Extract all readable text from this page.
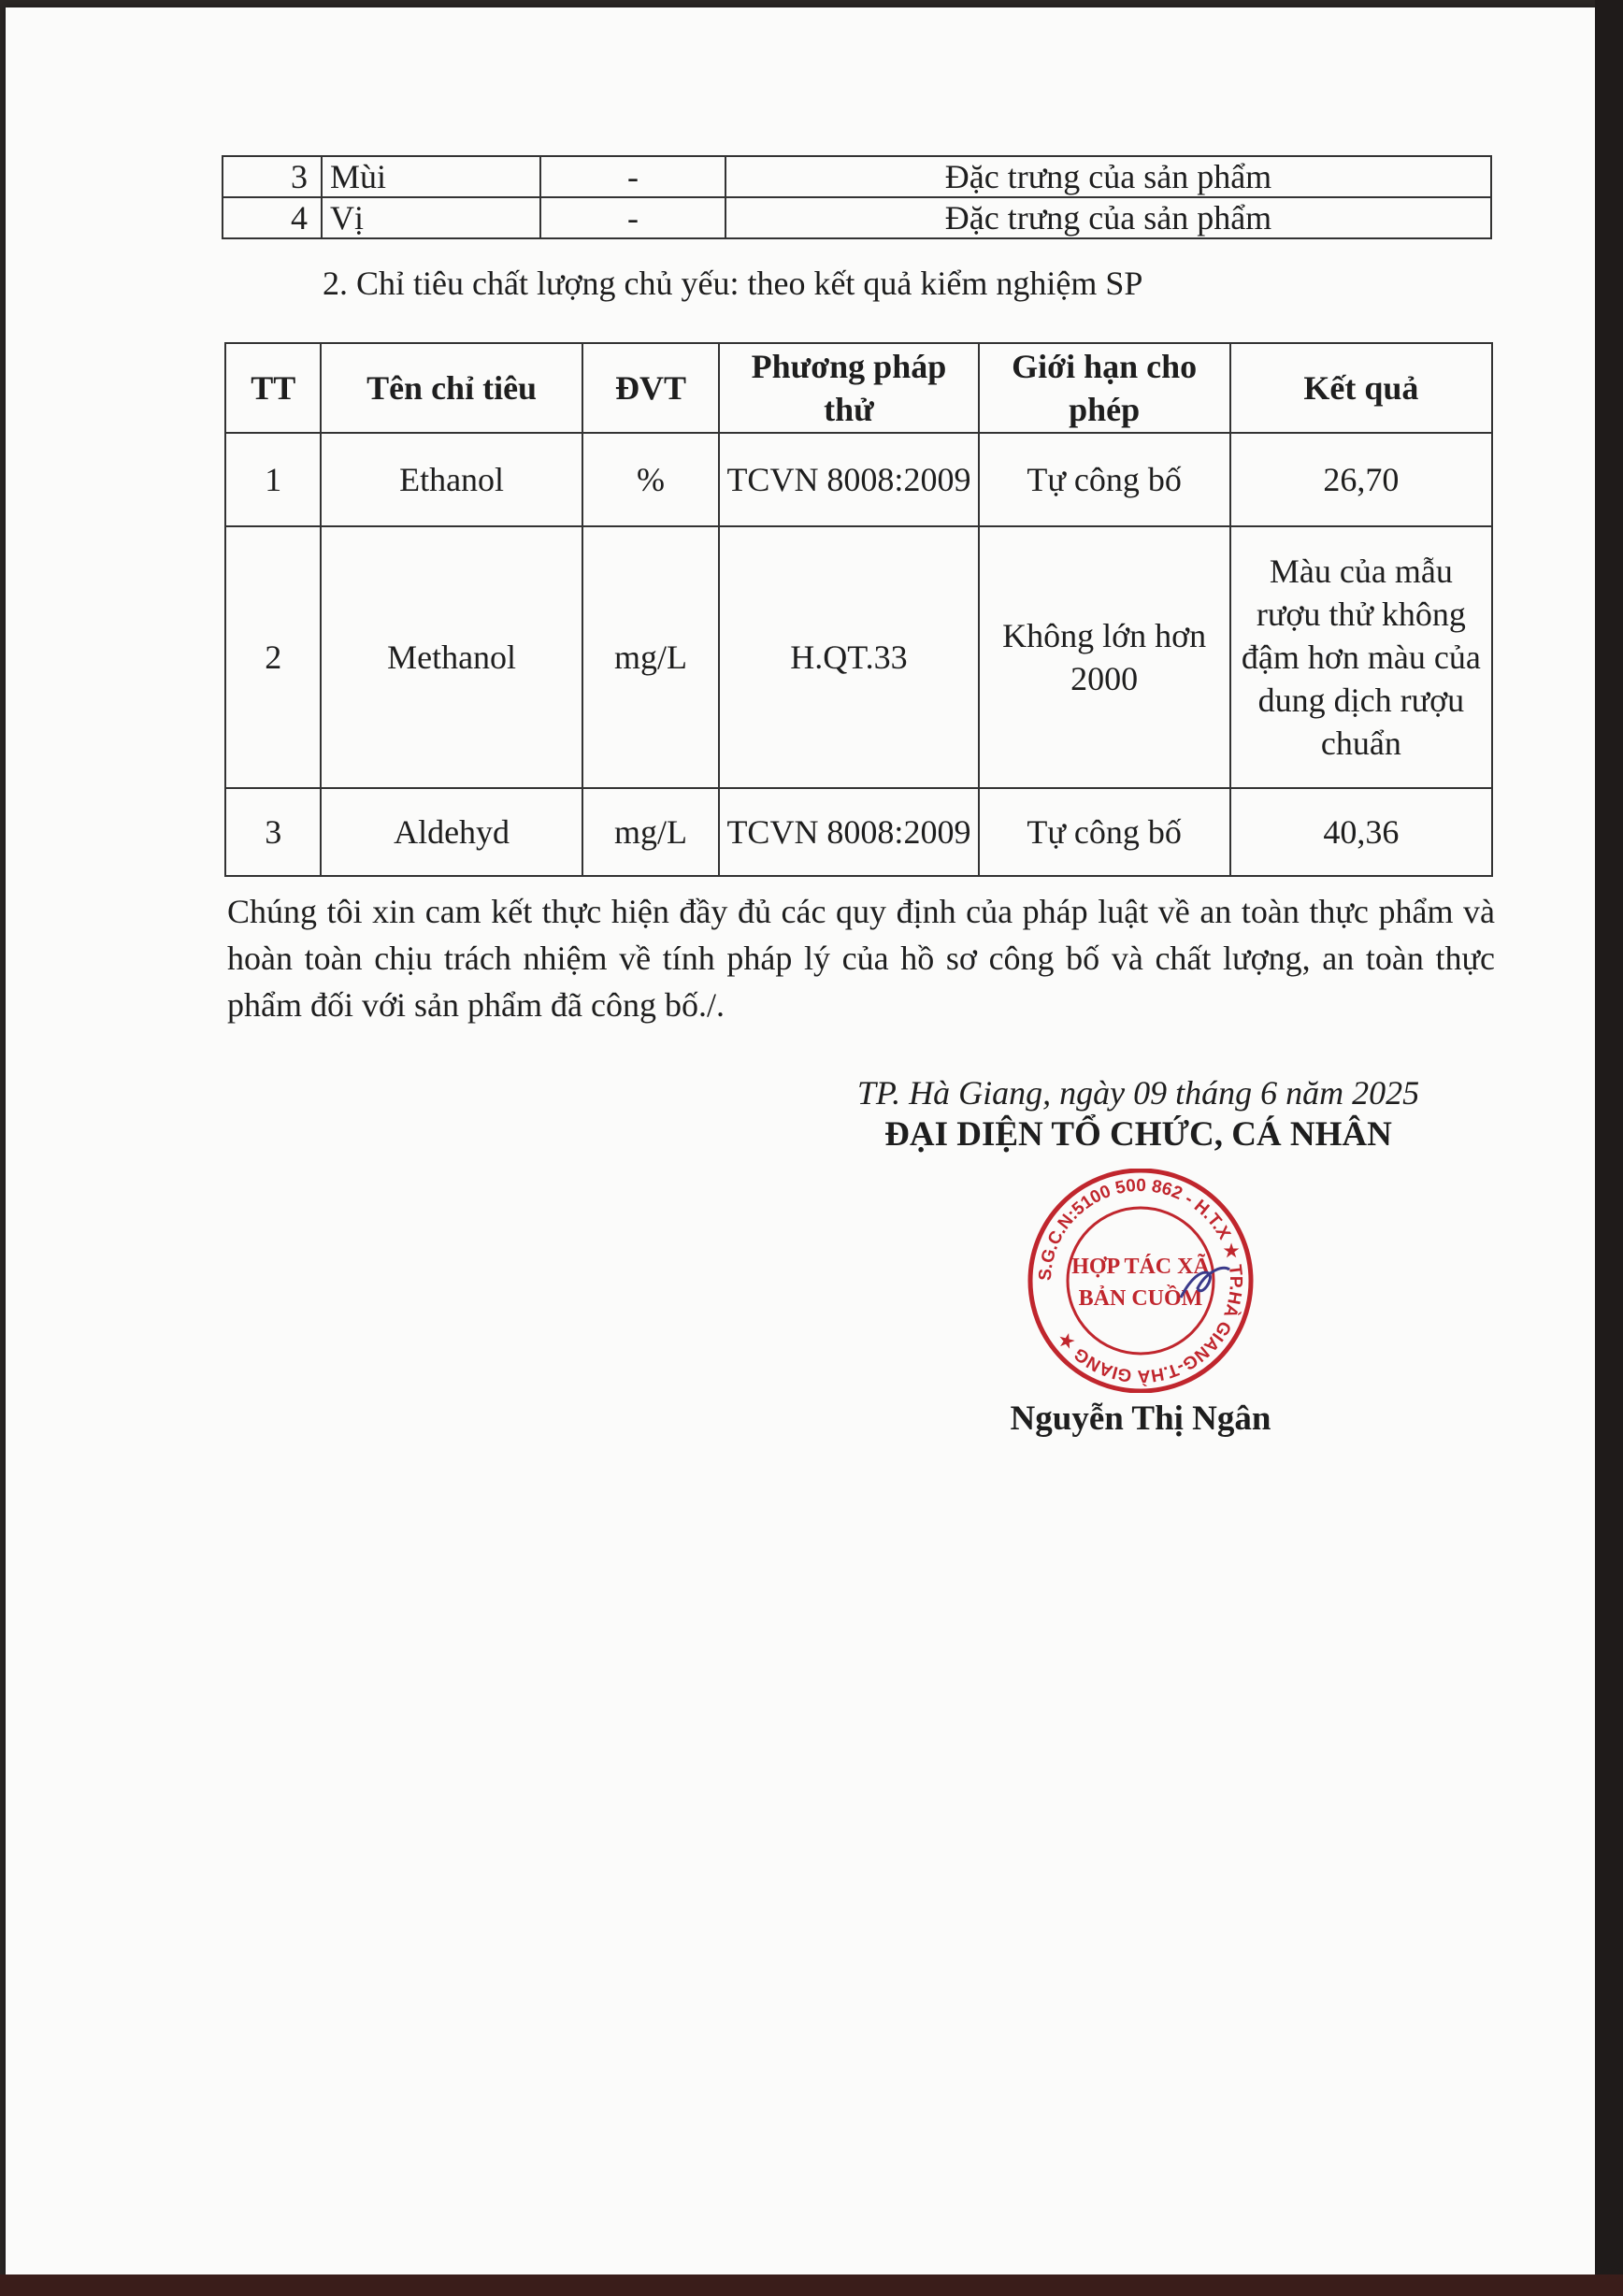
3	Mùi	-	Đặc trưng của sản phẩm
4	Vị	-	Đặc trưng của sản phẩm
2. Chỉ tiêu chất lượng chủ yếu: theo kết quả kiểm nghiệm SP
TT	Tên chỉ tiêu	ĐVT	Phương pháp thử	Giới hạn cho phép	Kết quả
1	Ethanol	%	TCVN 8008:2009	Tự công bố	26,70
2	Methanol	mg/L	H.QT.33	Không lớn hơn 2000	Màu của mẫu rượu thử không đậm hơn màu của dung dịch rượu chuẩn
3	Aldehyd	mg/L	TCVN 8008:2009	Tự công bố	40,36
Chúng tôi xin cam kết thực hiện đầy đủ các quy định của pháp luật về an toàn thực phẩm và hoàn toàn chịu trách nhiệm về tính pháp lý của hồ sơ công bố và chất lượng, an toàn thực phẩm đối với sản phẩm đã công bố./.
TP. Hà Giang, ngày 09 tháng 6 năm 2025
ĐẠI DIỆN TỔ CHỨC, CÁ NHÂN
S.G.C.N:5100 500 862 - H.T.X ★ TP.HÀ GIANG-T.HÀ GIANG ★
HỢP TÁC XÃ
BẢN CUỒM
Nguyễn Thị Ngân
